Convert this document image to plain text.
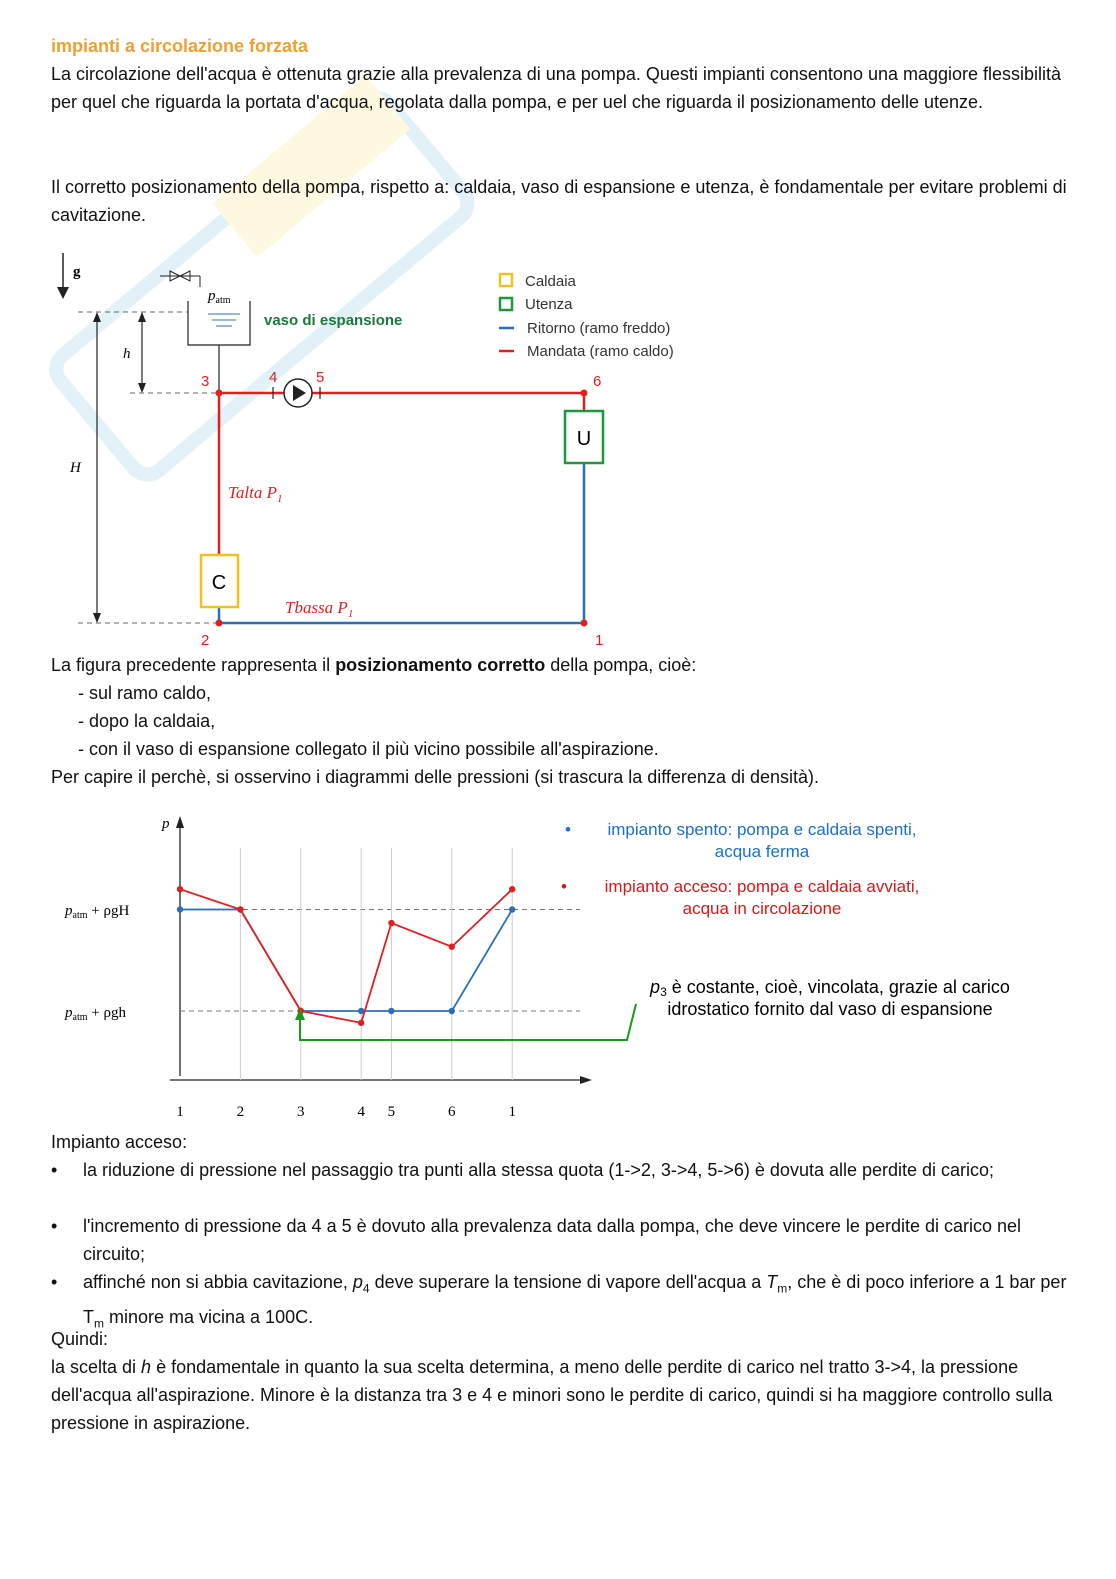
impianti a circolazione forzata

La circolazione dell'acqua è ottenuta grazie alla prevalenza di una pompa. Questi impianti consentono una maggiore flessibilità per quel che riguarda la portata d'acqua, regolata dalla pompa, e per uel che riguarda il posizionamento delle utenze.

Il corretto posizionamento della pompa, rispetto a: caldaia, vaso di espansione e utenza, è fondamentale per evitare problemi di cavitazione.

g
$p_{atm}$
vaso di espansione
h
H
C
U
1
2
3	4	5	6
Talta $P_1$
Tbassa $P_1$
Caldaia
Utenza
Ritorno (ramo freddo)
Mandata (ramo caldo)

La figura precedente rappresenta il posizionamento corretto della pompa, cioè:

- sul ramo caldo,

- dopo la caldaia,

- con il vaso di espansione collegato il più vicino possibile all'aspirazione.

Per capire il perchè, si osservino i diagrammi delle pressioni (si trascura la differenza di densità).

p
$p_{atm} + \rho gH$
$p_{atm} + \rho gh$
1	2	3	4 5	6	1
• impianto spento: pompa e caldaia spenti,
acqua ferma
• impianto acceso: pompa e caldaia avviati,
acqua in circolazione
p3 è costante, cioè, vincolata, grazie al carico
idrostatico fornito dal vaso di espansione

Impianto acceso:

• la riduzione di pressione nel passaggio tra punti alla stessa quota (1->2, 3->4, 5->6) è dovuta alle perdite di carico;
• l'incremento di pressione da 4 a 5 è dovuto alla prevalenza data dalla pompa, che deve vincere le perdite di carico nel circuito;
• affinché non si abbia cavitazione, $p_4$ deve superare la tensione di vapore dell'acqua a $T_m$, che è di poco inferiore a 1 bar per $T_m$ minore ma vicina a 100C.

Quindi:

la scelta di h è fondamentale in quanto la sua scelta determina, a meno delle perdite di carico nel tratto 3->4, la pressione dell'acqua all'aspirazione. Minore è la distanza tra 3 e 4 e minori sono le perdite di carico, quindi si ha maggiore controllo sulla pressione in aspirazione.
